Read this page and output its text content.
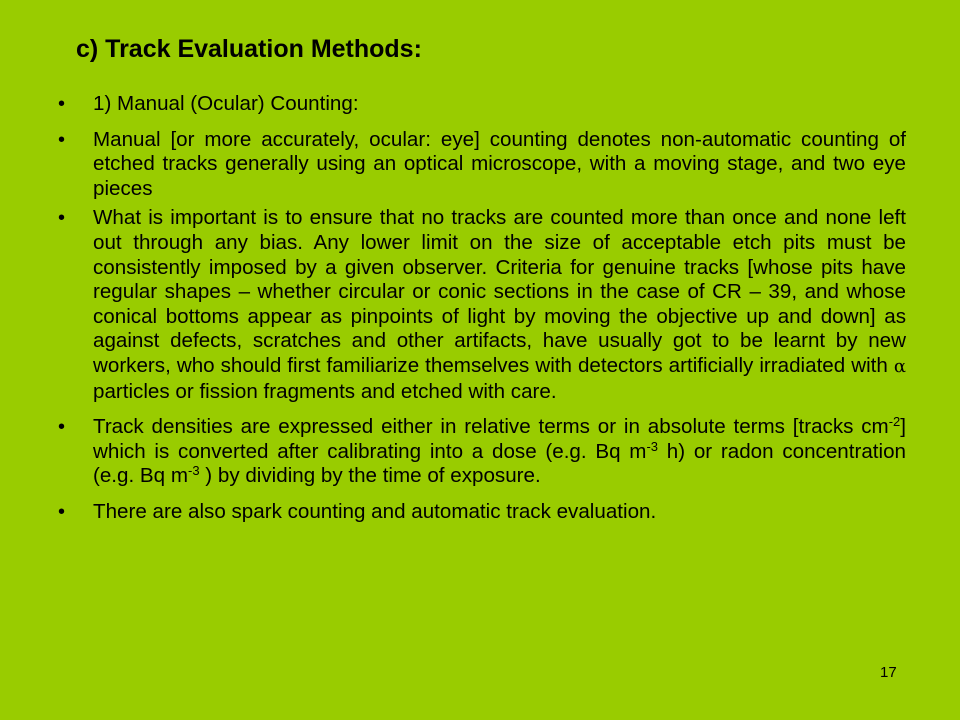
c) Track Evaluation Methods:
• 1) Manual (Ocular) Counting:
• Manual [or more accurately, ocular: eye] counting denotes non-automatic counting of etched tracks generally using an optical microscope, with a moving stage, and two eye pieces
• What is important is to ensure that no tracks are counted more than once and none left out through any bias. Any lower limit on the size of acceptable etch pits must be consistently imposed by a given observer. Criteria for genuine tracks [whose pits have regular shapes – whether circular or conic sections in the case of CR – 39, and whose conical bottoms appear as pinpoints of light by moving the objective up and down] as against defects, scratches and other artifacts, have usually got to be learnt by new workers, who should first familiarize themselves with detectors artificially irradiated with α particles or fission fragments and etched with care.
• Track densities are expressed either in relative terms or in absolute terms [tracks $cm^{-2}$] which is converted after calibrating into a dose (e.g. Bq $m^{-3}$ h) or radon concentration (e.g. Bq $m^{-3}$ ) by dividing by the time of exposure.
• There are also spark counting and automatic track evaluation.
17
